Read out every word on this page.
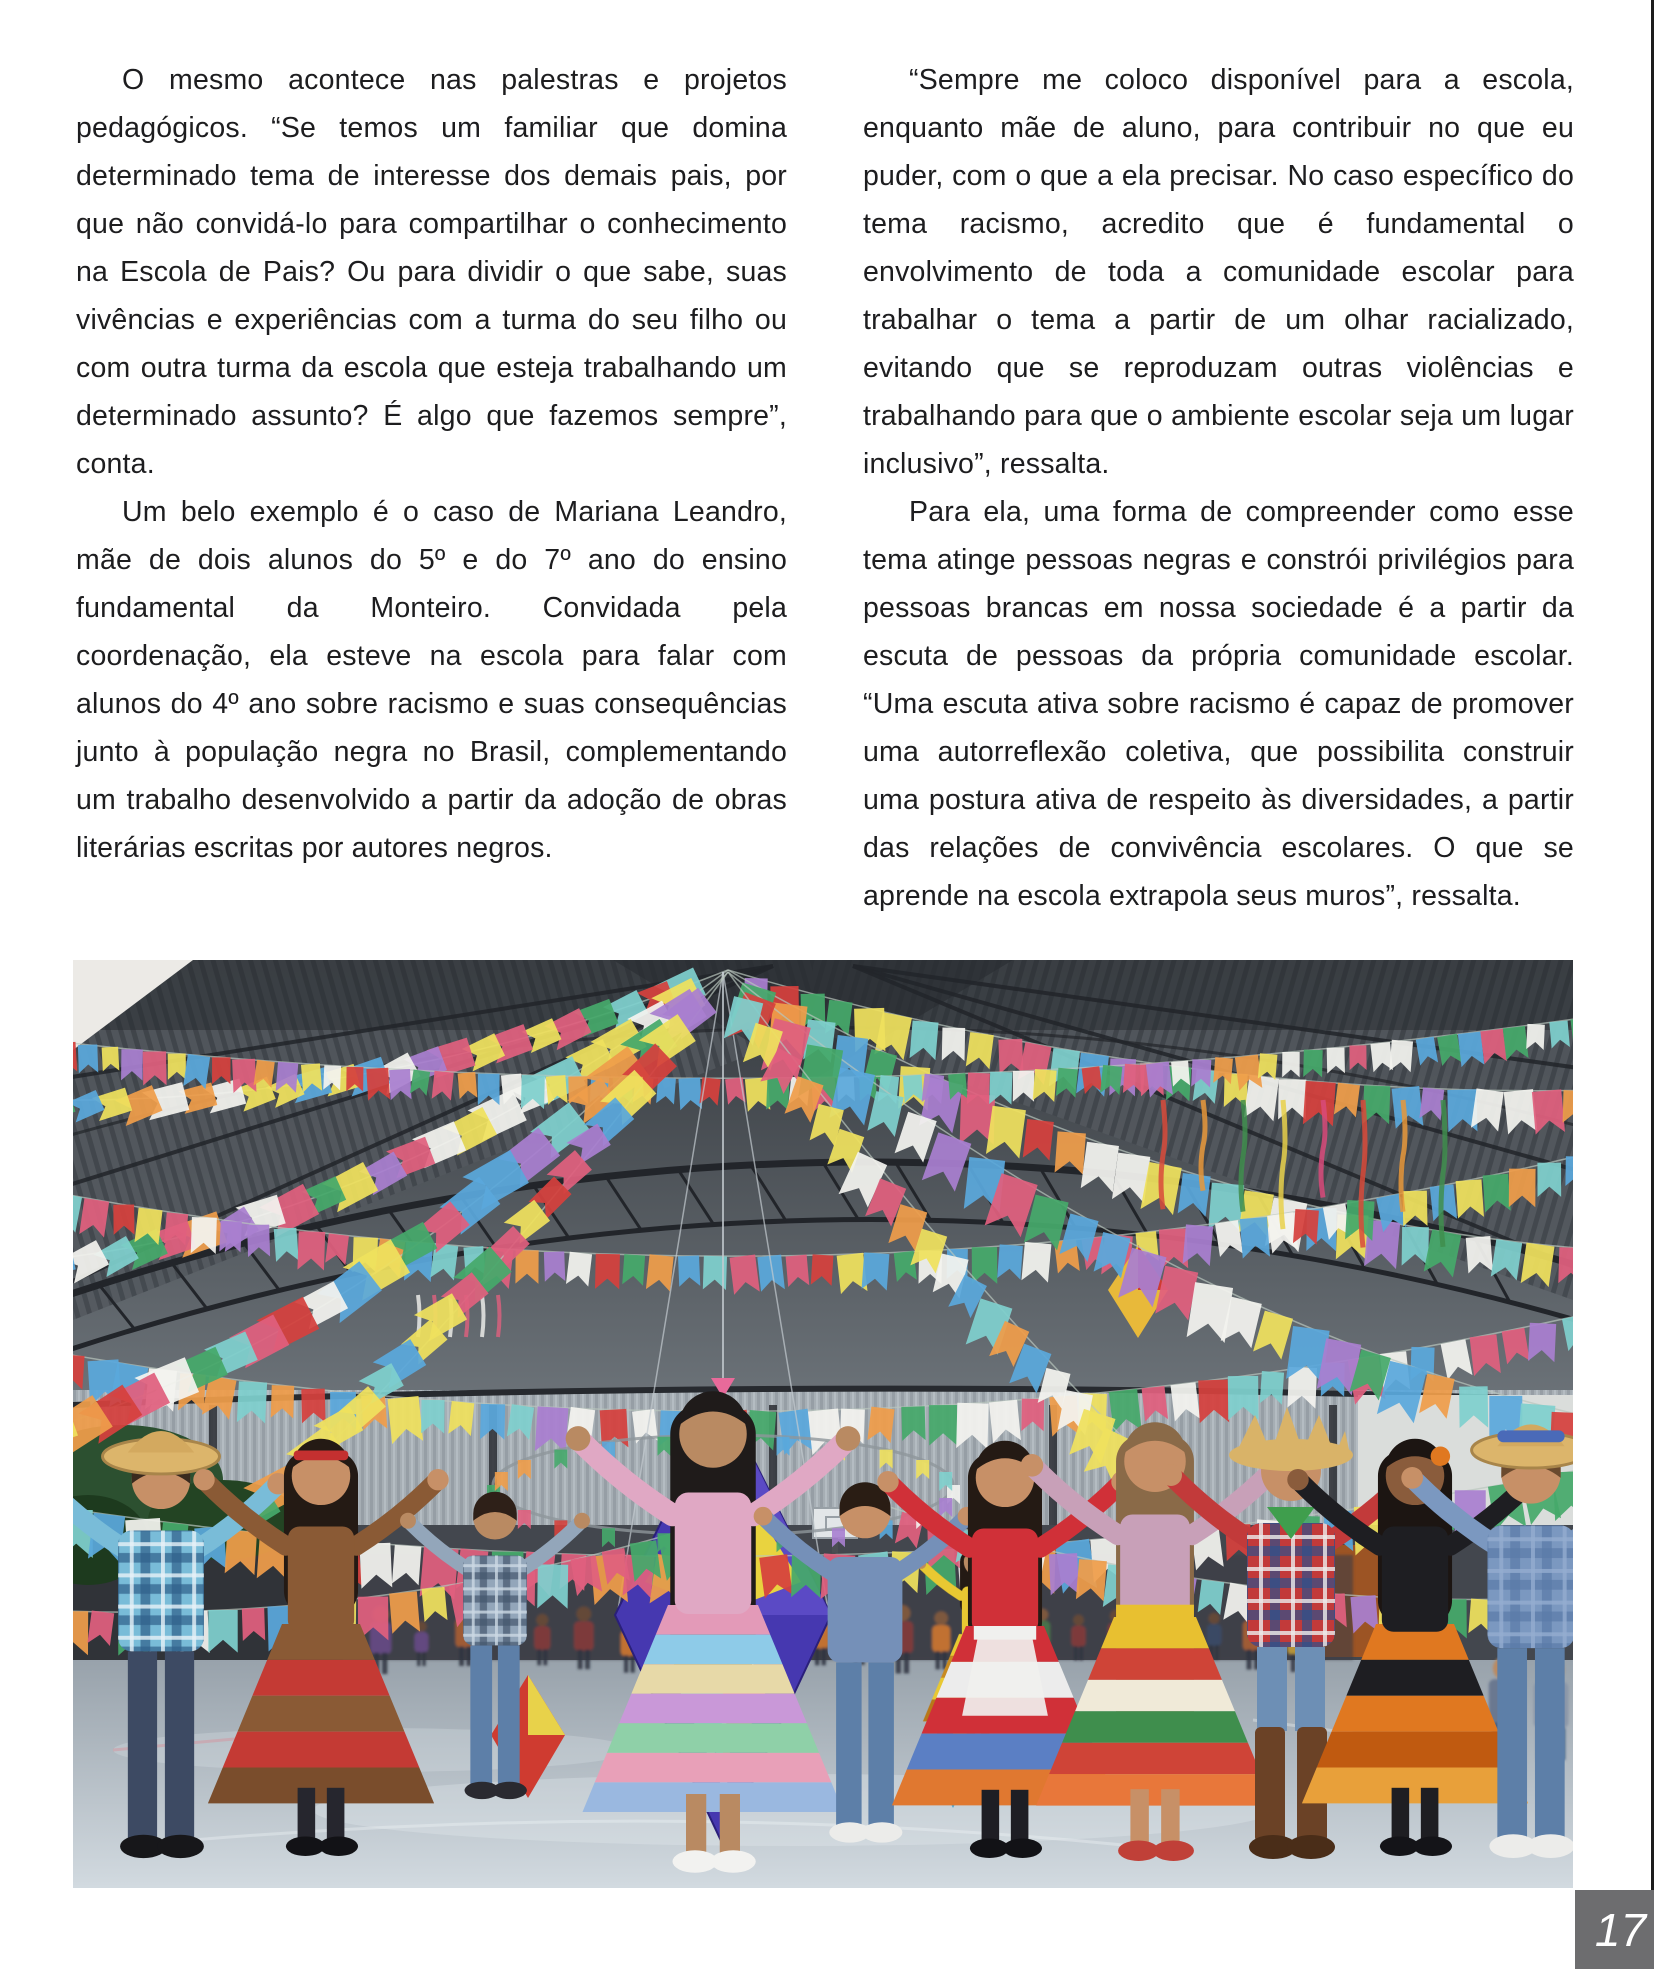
O mesmo acontece nas palestras e projetos pedagógicos. “Se temos um familiar que domina determinado tema de interesse dos demais pais, por que não convidá-lo para compartilhar o conhecimento na Escola de Pais? Ou para dividir o que sabe, suas vivências e experiências com a turma do seu filho ou com outra turma da escola que esteja trabalhando um determinado assunto? É algo que fazemos sempre”, conta.

Um belo exemplo é o caso de Mariana Leandro, mãe de dois alunos do 5º e do 7º ano do ensino fundamental da Monteiro. Convidada pela coordenação, ela esteve na escola para falar com alunos do 4º ano sobre racismo e suas consequências junto à população negra no Brasil, complementando um trabalho desenvolvido a partir da adoção de obras literárias escritas por autores negros.

“Sempre me coloco disponível para a escola, enquanto mãe de aluno, para contribuir no que eu puder, com o que a ela precisar. No caso específico do tema racismo, acredito que é fundamental o envolvimento de toda a comunidade escolar para trabalhar o tema a partir de um olhar racializado, evitando que se reproduzam outras violências e trabalhando para que o ambiente escolar seja um lugar inclusivo”, ressalta.

Para ela, uma forma de compreender como esse tema atinge pessoas negras e constrói privilégios para pessoas brancas em nossa sociedade é a partir da escuta de pessoas da própria comunidade escolar. “Uma escuta ativa sobre racismo é capaz de promover uma autorreflexão coletiva, que possibilita construir uma postura ativa de respeito às diversidades, a partir das relações de convivência escolares. O que se aprende na escola extrapola seus muros”, ressalta.

17
